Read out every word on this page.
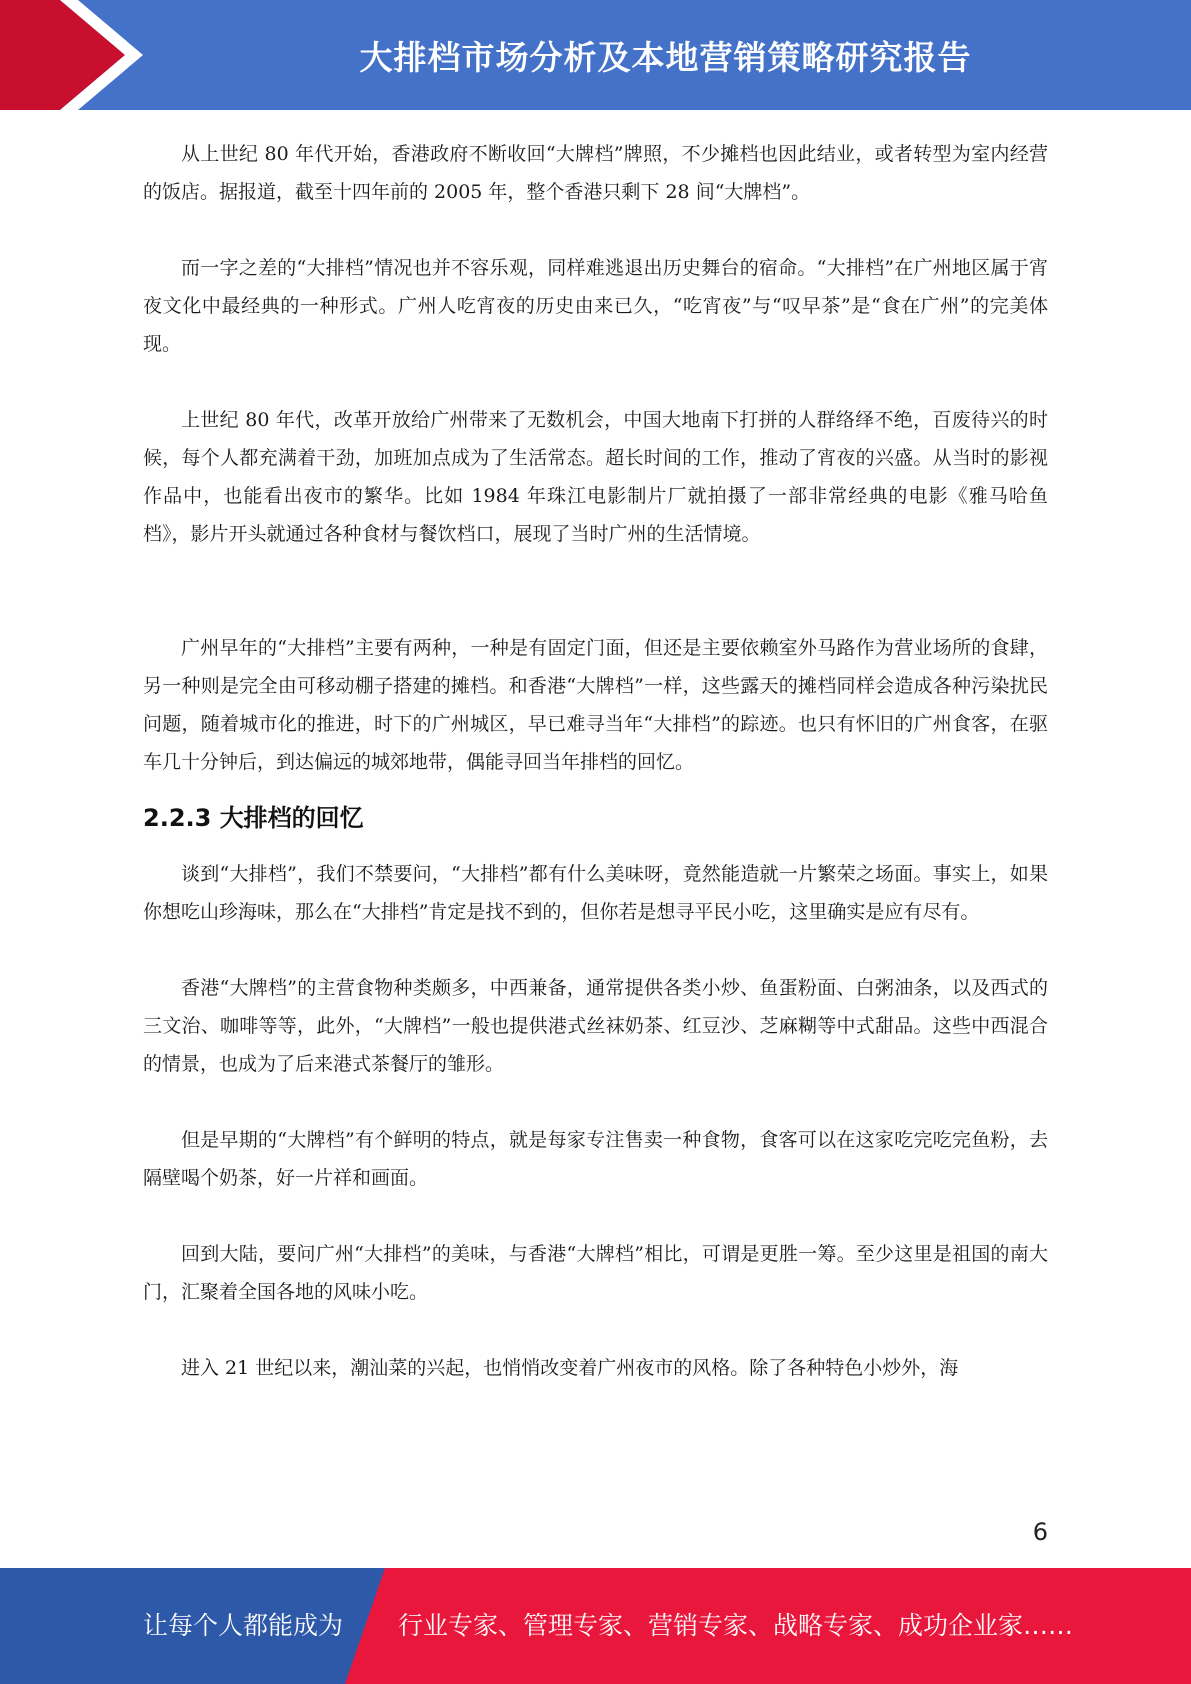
大排档市场分析及本地营销策略研究报告

从上世纪 80 年代开始，香港政府不断收回“大牌档”牌照，不少摊档也因此结业，或者转型为室内经营的饭店。据报道，截至十四年前的 2005 年，整个香港只剩下 28 间“大牌档”。

而一字之差的“大排档”情况也并不容乐观，同样难逃退出历史舞台的宿命。“大排档”在广州地区属于宵夜文化中最经典的一种形式。广州人吃宵夜的历史由来已久，“吃宵夜”与“叹早茶”是“食在广州”的完美体现。

上世纪 80 年代，改革开放给广州带来了无数机会，中国大地南下打拼的人群络绎不绝，百废待兴的时候，每个人都充满着干劲，加班加点成为了生活常态。超长时间的工作，推动了宵夜的兴盛。从当时的影视作品中，也能看出夜市的繁华。比如 1984 年珠江电影制片厂就拍摄了一部非常经典的电影《雅马哈鱼档》，影片开头就通过各种食材与餐饮档口，展现了当时广州的生活情境。

广州早年的“大排档”主要有两种，一种是有固定门面，但还是主要依赖室外马路作为营业场所的食肆，另一种则是完全由可移动棚子搭建的摊档。和香港“大牌档”一样，这些露天的摊档同样会造成各种污染扰民问题，随着城市化的推进，时下的广州城区，早已难寻当年“大排档”的踪迹。也只有怀旧的广州食客，在驱车几十分钟后，到达偏远的城郊地带，偶能寻回当年排档的回忆。

2.2.3 大排档的回忆

谈到“大排档”，我们不禁要问，“大排档”都有什么美味呀，竟然能造就一片繁荣之场面。事实上，如果你想吃山珍海味，那么在“大排档”肯定是找不到的，但你若是想寻平民小吃，这里确实是应有尽有。

香港“大牌档”的主营食物种类颇多，中西兼备，通常提供各类小炒、鱼蛋粉面、白粥油条，以及西式的三文治、咖啡等等，此外，“大牌档”一般也提供港式丝袜奶茶、红豆沙、芝麻糊等中式甜品。这些中西混合的情景，也成为了后来港式茶餐厅的雏形。

但是早期的“大牌档”有个鲜明的特点，就是每家专注售卖一种食物，食客可以在这家吃完吃完鱼粉，去隔壁喝个奶茶，好一片祥和画面。

回到大陆，要问广州“大排档”的美味，与香港“大牌档”相比，可谓是更胜一筹。至少这里是祖国的南大门，汇聚着全国各地的风味小吃。

进入 21 世纪以来，潮汕菜的兴起，也悄悄改变着广州夜市的风格。除了各种特色小炒外，海

6
让每个人都能成为 行业专家、管理专家、营销专家、战略专家、成功企业家……
